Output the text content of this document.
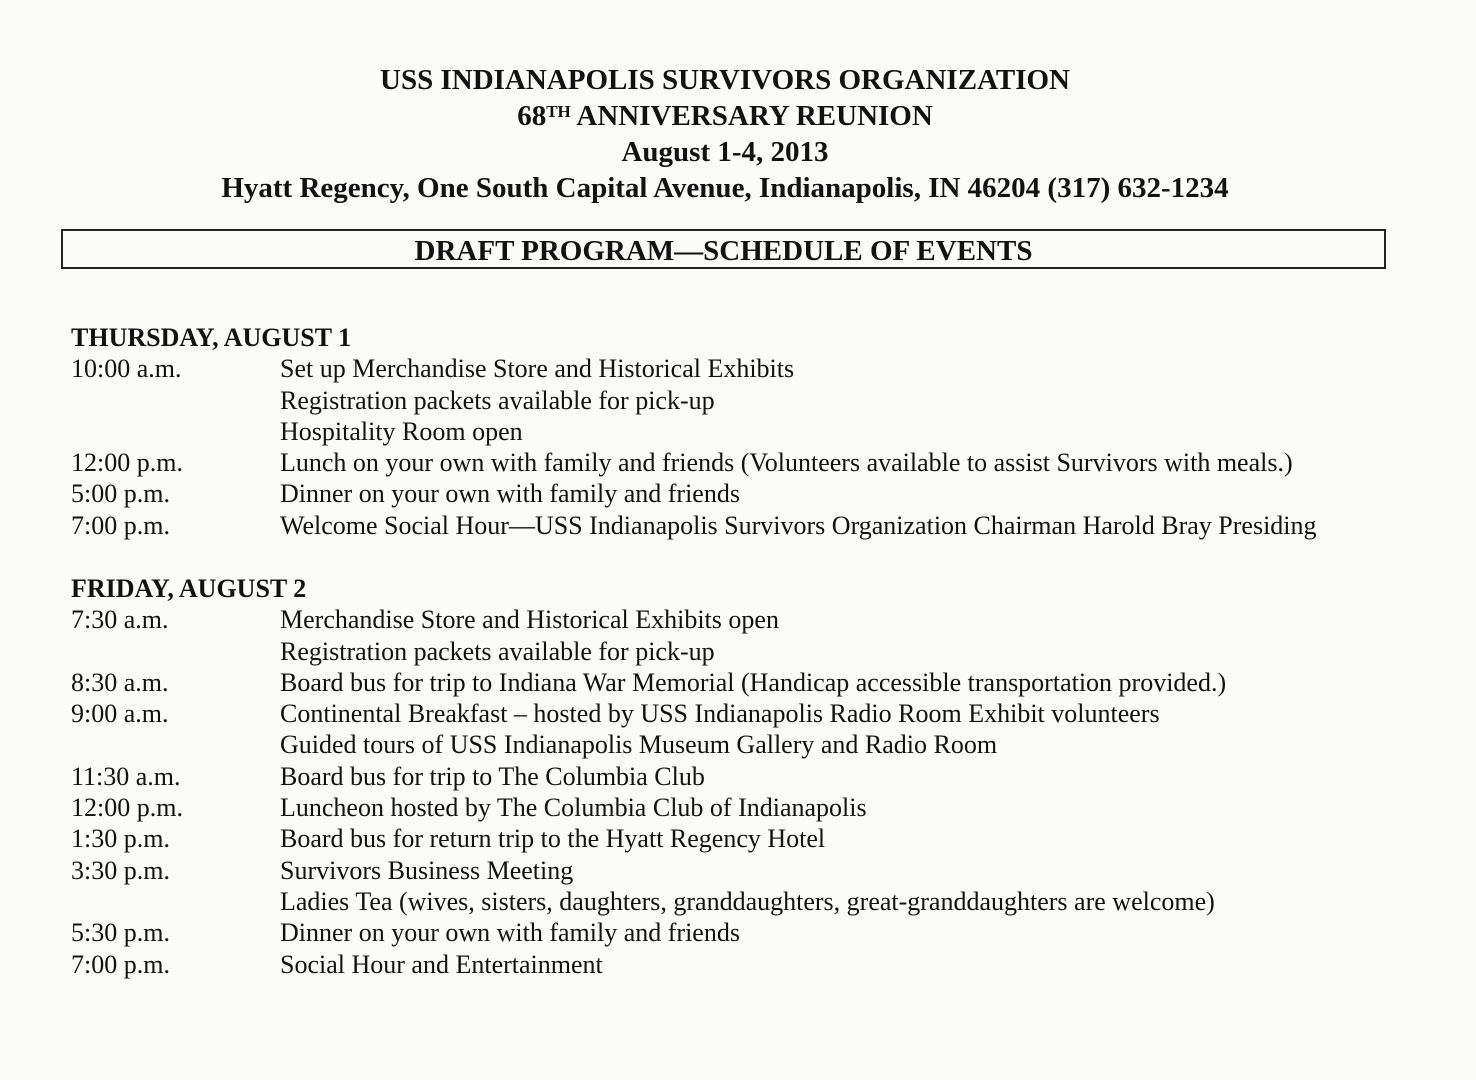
USS INDIANAPOLIS SURVIVORS ORGANIZATION
68TH ANNIVERSARY REUNION
August 1-4, 2013
Hyatt Regency, One South Capital Avenue, Indianapolis, IN 46204 (317) 632-1234
DRAFT PROGRAM—SCHEDULE OF EVENTS
THURSDAY, AUGUST 1
10:00 a.m.	Set up Merchandise Store and Historical Exhibits
Registration packets available for pick-up
Hospitality Room open
12:00 p.m.	Lunch on your own with family and friends (Volunteers available to assist Survivors with meals.)
5:00 p.m.	Dinner on your own with family and friends
7:00 p.m.	Welcome Social Hour—USS Indianapolis Survivors Organization Chairman Harold Bray Presiding
FRIDAY, AUGUST 2
7:30 a.m.	Merchandise Store and Historical Exhibits open
Registration packets available for pick-up
8:30 a.m.	Board bus for trip to Indiana War Memorial (Handicap accessible transportation provided.)
9:00 a.m.	Continental Breakfast – hosted by USS Indianapolis Radio Room Exhibit volunteers
Guided tours of USS Indianapolis Museum Gallery and Radio Room
11:30 a.m.	Board bus for trip to The Columbia Club
12:00 p.m.	Luncheon hosted by The Columbia Club of Indianapolis
1:30 p.m.	Board bus for return trip to the Hyatt Regency Hotel
3:30 p.m.	Survivors Business Meeting
Ladies Tea (wives, sisters, daughters, granddaughters, great-granddaughters are welcome)
5:30 p.m.	Dinner on your own with family and friends
7:00 p.m.	Social Hour and Entertainment
